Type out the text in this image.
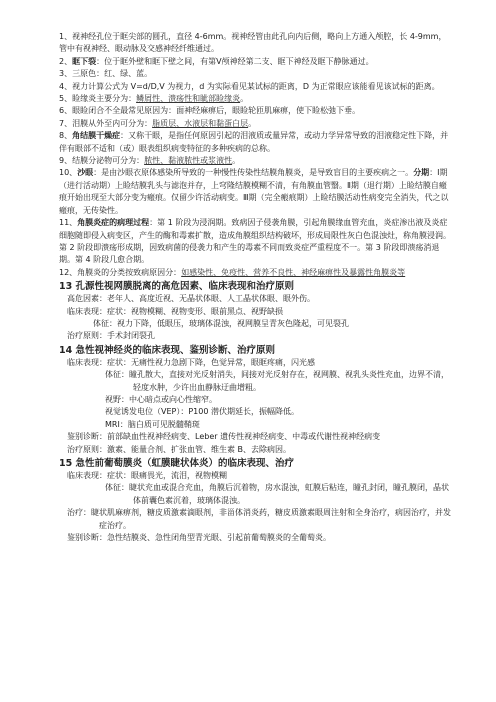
1、视神经孔位于眶尖部的圆孔，直径 4-6mm。视神经管由此孔向内后侧，略向上方通入颅腔，长 4-9mm，管中有视神经、眼动脉及交感神经纤维通过。

2、眶下裂：位于眶外壁和眶下壁之间，有第Ⅴ颅神经第二支、眶下神经及眶下静脉通过。

3、三原色：红、绿、蓝。

4、视力计算公式为 V=d/D,V 为视力，d 为实际看见某试标的距离，D 为正常眼应该能看见该试标的距离。

5、睑缘炎主要分为：鳞屑性、溃疡性和眦部睑缘炎。

6、眼睑闭合不全最常见原因为：面神经麻痹后，眼睑轮匝肌麻痹，使下睑松弛下垂。

7、泪膜从外至内可分为：脂质层、水液层和黏蛋白层。

8、角结膜干燥症：又称干眼，是指任何原因引起的泪液质或量异常，或动力学异常导致的泪液稳定性下降，并伴有眼部不适和（或）眼表组织病变特征的多种疾病的总称。

9、结膜分泌物可分为：脓性、黏液脓性或浆液性。

10、沙眼：是由沙眼衣原体感染所导致的一种慢性传染性结膜角膜炎，是导致盲目的主要疾病之一。分期：Ⅰ期（进行活动期）上睑结膜乳头与滤泡并存，上穹隆结膜模糊不清，有角膜血管翳。Ⅱ期（退行期）上睑结膜自瘢痕开始出现至大部分变为瘢痕。仅留少许活动病变。Ⅲ期（完全瘢痕期）上睑结膜活动性病变完全消失，代之以瘢痕，无传染性。

11、角膜炎症的病理过程：第 1 阶段为浸润期。致病因子侵袭角膜，引起角膜缘血管充血，炎症渗出液及炎症细胞随即侵入病变区，产生的酶和毒素扩散，造成角膜组织结构破坏，形成局限性灰白色混浊灶，称角膜浸润。第 2 阶段即溃疡形成期，因致病菌的侵袭力和产生的毒素不同而致炎症严重程度不一。第 3 阶段即溃疡消退期。第 4 阶段几愈合期。

12、角膜炎的分类按致病原因分：如感染性、免疫性、营养不良性、神经麻痹性及暴露性角膜炎等

13 孔源性视网膜脱离的高危因素、临床表现和治疗原则

高危因素：老年人、高度近视、无晶状体眼、人工晶状体眼、眼外伤。

临床表现：症状：视物模糊、视物变形、眼前黑点、视野缺损

体征：视力下降，低眼压，玻璃体混浊，视网膜呈青灰色隆起，可见裂孔

治疗原则：手术封闭裂孔

14 急性视神经炎的临床表现、鉴别诊断、治疗原则

临床表现：症状：无痛性视力急剧下降，色觉异常，眼眶疼痛，闪光感

体征：瞳孔散大，直接对光反射消失，间接对光反射存在，视网膜、视乳头炎性充血，边界不清，轻度水肿，少许出血静脉迂曲增粗。

视野：中心暗点或向心性缩窄。

视觉诱发电位（VEP）：P100 潜伏期延长，振幅降低。

MRI：脑白质可见脱髓鞘斑

鉴别诊断：前部缺血性视神经病变、Leber 遗传性视神经病变、中毒或代谢性视神经病变

治疗原则：激素、能量合剂、扩张血管、维生素 B、去除病因。

15 急性前葡萄膜炎（虹膜睫状体炎）的临床表现、治疗

临床表现：症状：眼痛畏光，流泪，视物模糊

体征：睫状充血或混合充血，角膜后沉着物，房水混浊，虹膜后粘连，瞳孔封闭，瞳孔膜闭，晶状体前囊色素沉着，玻璃体混浊。

治疗：睫状肌麻痹剂，糖皮质激素滴眼剂，非甾体消炎药，糖皮质激素眼周注射和全身治疗，病因治疗，并发症治疗。

鉴别诊断：急性结膜炎、急性闭角型青光眼、引起前葡萄膜炎的全葡萄炎。
